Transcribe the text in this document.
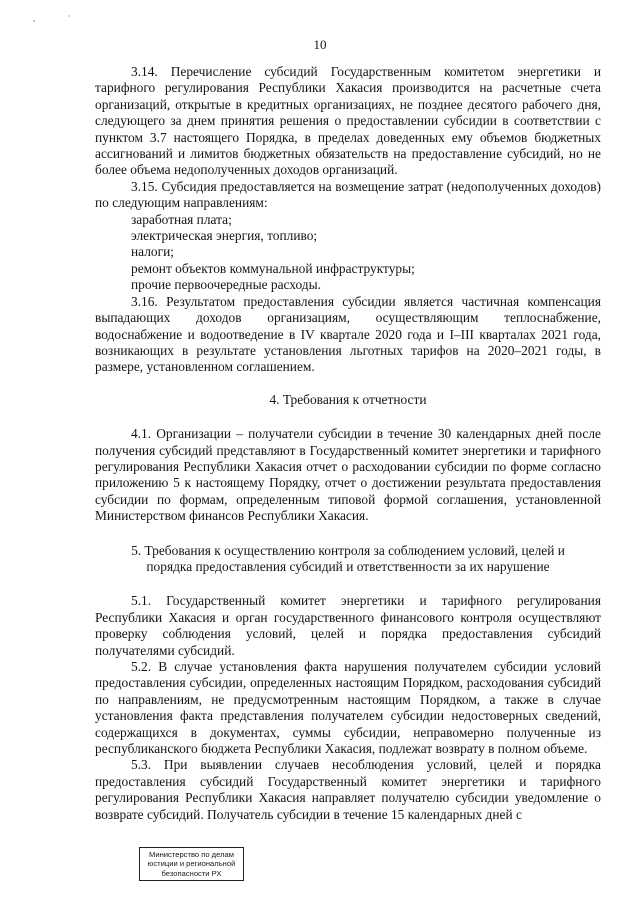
10

3.14. Перечисление субсидий Государственным комитетом энергетики и тарифного регулирования Республики Хакасия производится на расчетные счета организаций, открытые в кредитных организациях, не позднее десятого рабочего дня, следующего за днем принятия решения о предоставлении субсидии в соответствии с пунктом 3.7 настоящего Порядка, в пределах доведенных ему объемов бюджетных ассигнований и лимитов бюджетных обязательств на предоставление субсидий, но не более объема недополученных доходов организаций.

3.15. Субсидия предоставляется на возмещение затрат (недополученных доходов) по следующим направлениям:

заработная плата;

электрическая энергия, топливо;

налоги;

ремонт объектов коммунальной инфраструктуры;

прочие первоочередные расходы.

3.16. Результатом предоставления субсидии является частичная компенсация выпадающих доходов организациям, осуществляющим теплоснабжение, водоснабжение и водоотведение в IV квартале 2020 года и I–III кварталах 2021 года, возникающих в результате установления льготных тарифов на 2020–2021 годы, в размере, установленном соглашением.

4. Требования к отчетности

4.1. Организации – получатели субсидии в течение 30 календарных дней после получения субсидий представляют в Государственный комитет энергетики и тарифного регулирования Республики Хакасия отчет о расходовании субсидии по форме согласно приложению 5 к настоящему Порядку, отчет о достижении результата предоставления субсидии по формам, определенным типовой формой соглашения, установленной Министерством финансов Республики Хакасия.

5. Требования к осуществлению контроля за соблюдением условий, целей и

порядка предоставления субсидий и ответственности за их нарушение

5.1. Государственный комитет энергетики и тарифного регулирования Республики Хакасия и орган государственного финансового контроля осуществляют проверку соблюдения условий, целей и порядка предоставления субсидий получателями субсидий.

5.2. В случае установления факта нарушения получателем субсидии условий предоставления субсидии, определенных настоящим Порядком, расходования субсидий по направлениям, не предусмотренным настоящим Порядком, а также в случае установления факта представления получателем субсидии недостоверных сведений, содержащихся в документах, суммы субсидии, неправомерно полученные из республиканского бюджета Республики Хакасия, подлежат возврату в полном объеме.

5.3. При выявлении случаев несоблюдения условий, целей и порядка предоставления субсидий Государственный комитет энергетики и тарифного регулирования Республики Хакасия направляет получателю субсидии уведомление о возврате субсидий. Получатель субсидии в течение 15 календарных дней с

Министерство по делам
юстиции и региональной
безопасности РХ
